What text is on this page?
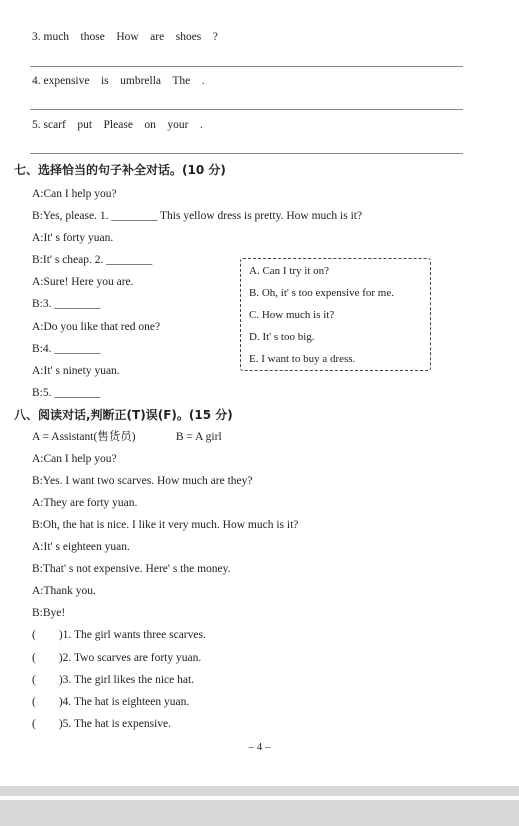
3. much    those    How    are    shoes    ?
4. expensive    is    umbrella    The    .
5. scarf    put    Please    on    your    .
七、选择恰当的句子补全对话。(10 分)
A:Can I help you?
B:Yes, please. 1. ________ This yellow dress is pretty. How much is it?
A:It' s forty yuan.
B:It' s cheap. 2. ________
A:Sure! Here you are.
B:3. ________
A:Do you like that red one?
B:4. ________
A:It' s ninety yuan.
B:5. ________
A. Can I try it on?
B. Oh, it' s too expensive for me.
C. How much is it?
D. It' s too big.
E. I want to buy a dress.
八、阅读对话,判断正(T)误(F)。(15 分)
A = Assistant(售货员)              B = A girl
A:Can I help you?
B:Yes. I want two scarves. How much are they?
A:They are forty yuan.
B:Oh, the hat is nice. I like it very much. How much is it?
A:It' s eighteen yuan.
B:That' s not expensive. Here' s the money.
A:Thank you.
B:Bye!
(        )1. The girl wants three scarves.
(        )2. Two scarves are forty yuan.
(        )3. The girl likes the nice hat.
(        )4. The hat is eighteen yuan.
(        )5. The hat is expensive.
– 4 –
